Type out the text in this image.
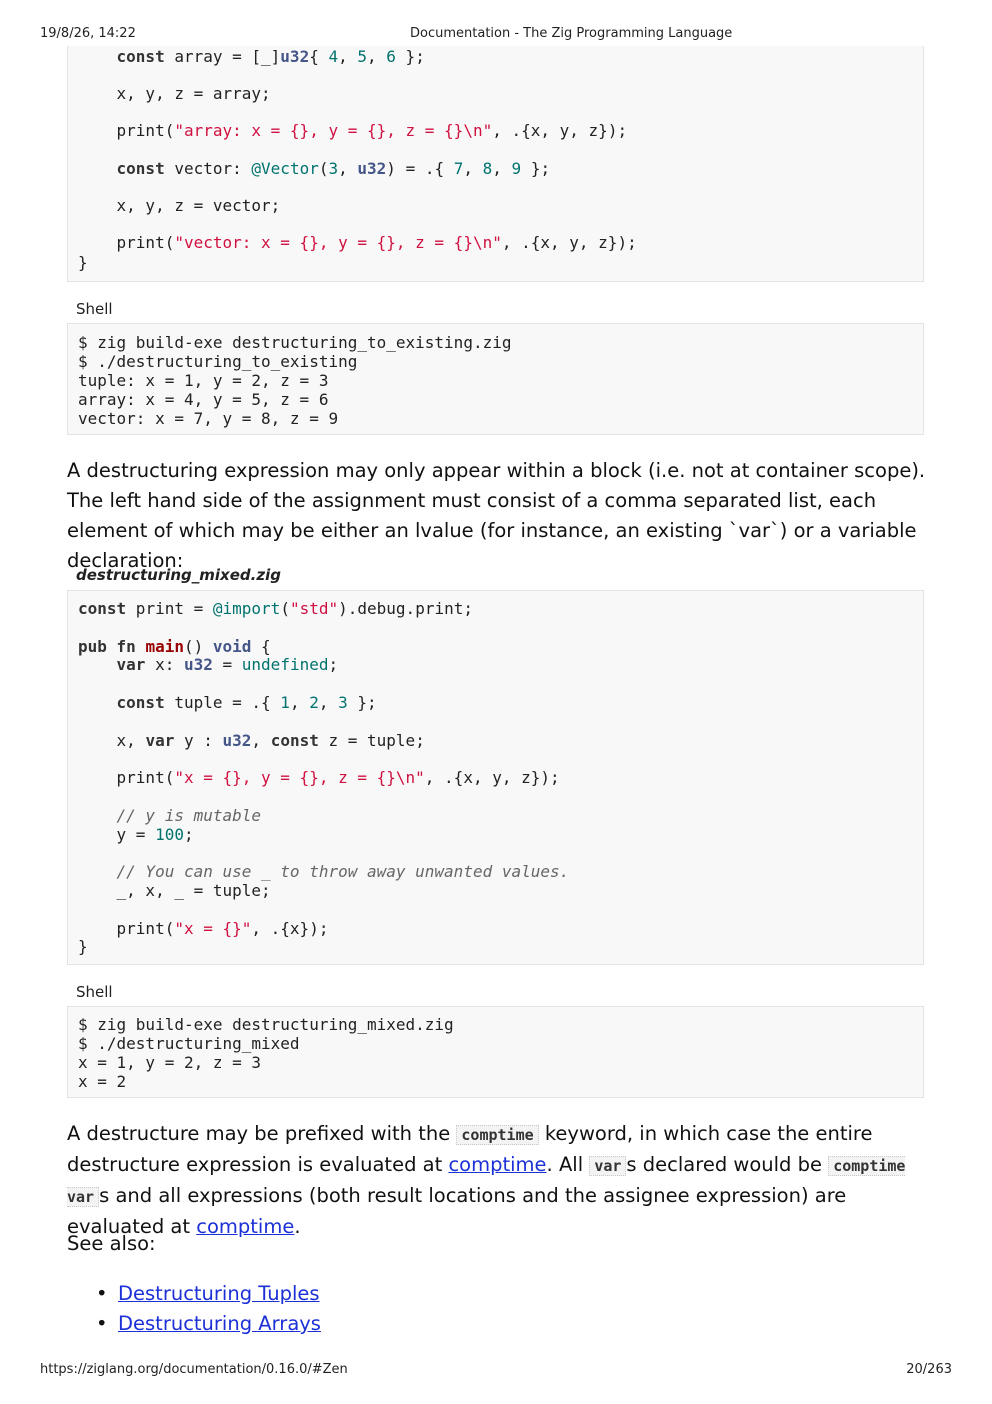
19/8/26, 14:22	Documentation - The Zig Programming Language
const array = [_]u32{ 4, 5, 6 };
x, y, z = array;
print("array: x = {}, y = {}, z = {}\n", .{x, y, z});
const vector: @Vector(3, u32) = .{ 7, 8, 9 };
x, y, z = vector;
print("vector: x = {}, y = {}, z = {}\n", .{x, y, z});
}
Shell
$ zig build-exe destructuring_to_existing.zig
$ ./destructuring_to_existing
tuple: x = 1, y = 2, z = 3
array: x = 4, y = 5, z = 6
vector: x = 7, y = 8, z = 9
A destructuring expression may only appear within a block (i.e. not at container scope). The left hand side of the assignment must consist of a comma separated list, each element of which may be either an lvalue (for instance, an existing `var`) or a variable declaration:
destructuring_mixed.zig
const print = @import("std").debug.print;
pub fn main() void {
var x: u32 = undefined;
const tuple = .{ 1, 2, 3 };
x, var y : u32, const z = tuple;
print("x = {}, y = {}, z = {}\n", .{x, y, z});
// y is mutable
y = 100;
// You can use _ to throw away unwanted values.
_, x, _ = tuple;
print("x = {}", .{x});
}
Shell
$ zig build-exe destructuring_mixed.zig
$ ./destructuring_mixed
x = 1, y = 2, z = 3
x = 2
A destructure may be prefixed with the comptime keyword, in which case the entire destructure expression is evaluated at comptime. All var s declared would be comptime var s and all expressions (both result locations and the assignee expression) are evaluated at comptime.
See also:
• Destructuring Tuples
• Destructuring Arrays
https://ziglang.org/documentation/0.16.0/#Zen	20/263
